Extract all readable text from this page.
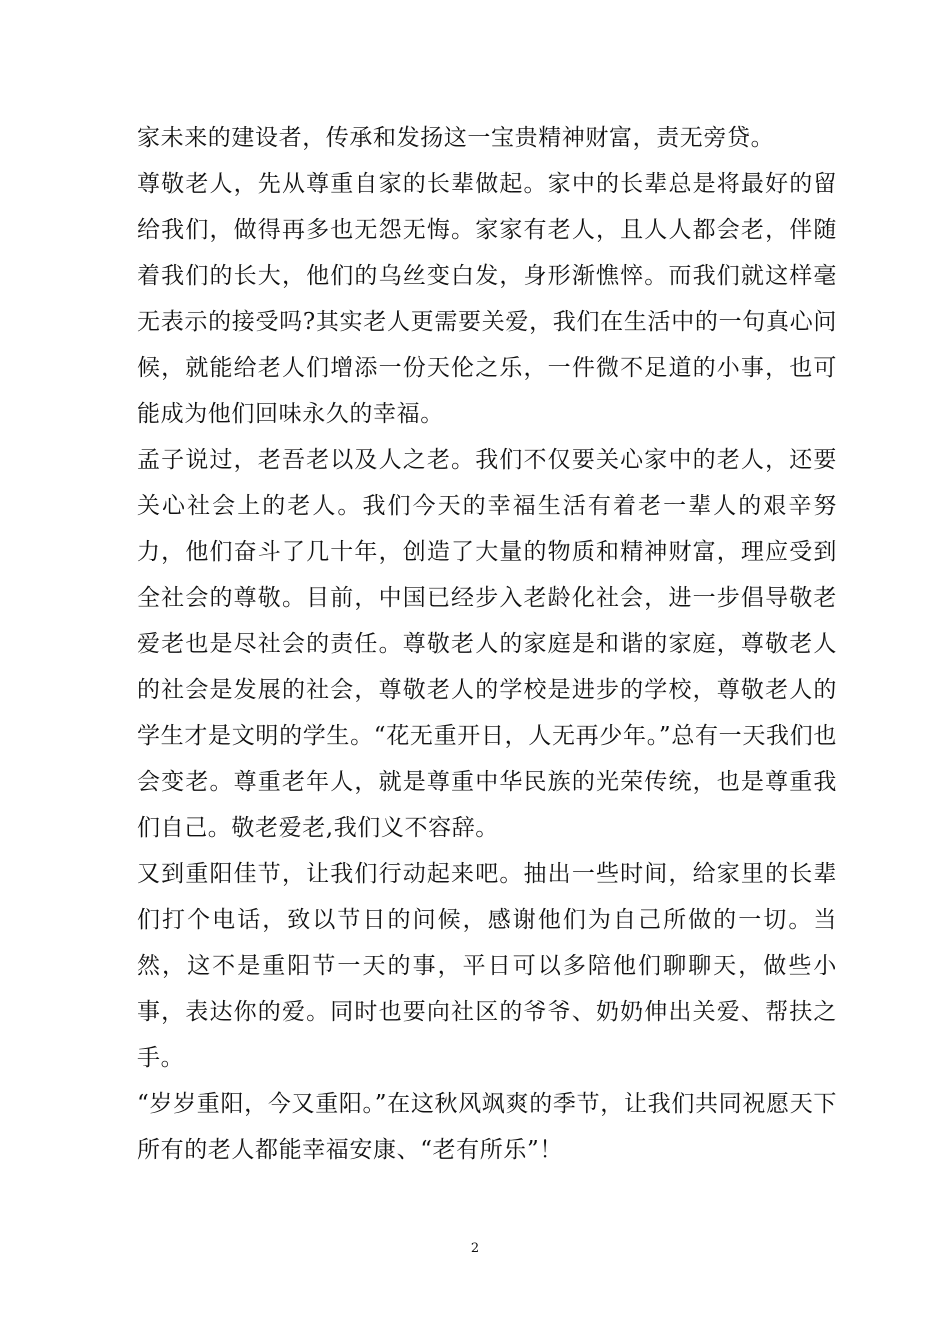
家未来的建设者，传承和发扬这一宝贵精神财富，责无旁贷。

尊敬老人，先从尊重自家的长辈做起。家中的长辈总是将最好的留给我们，做得再多也无怨无悔。家家有老人，且人人都会老，伴随着我们的长大，他们的乌丝变白发，身形渐憔悴。而我们就这样毫无表示的接受吗?其实老人更需要关爱，我们在生活中的一句真心问候，就能给老人们增添一份天伦之乐，一件微不足道的小事，也可能成为他们回味永久的幸福。

孟子说过，老吾老以及人之老。我们不仅要关心家中的老人，还要关心社会上的老人。我们今天的幸福生活有着老一辈人的艰辛努力，他们奋斗了几十年，创造了大量的物质和精神财富，理应受到全社会的尊敬。目前，中国已经步入老龄化社会，进一步倡导敬老爱老也是尽社会的责任。尊敬老人的家庭是和谐的家庭，尊敬老人的社会是发展的社会，尊敬老人的学校是进步的学校，尊敬老人的学生才是文明的学生。“花无重开日，人无再少年。”总有一天我们也会变老。尊重老年人，就是尊重中华民族的光荣传统，也是尊重我们自己。敬老爱老,我们义不容辞。

又到重阳佳节，让我们行动起来吧。抽出一些时间，给家里的长辈们打个电话，致以节日的问候，感谢他们为自己所做的一切。当然，这不是重阳节一天的事，平日可以多陪他们聊聊天，做些小事，表达你的爱。同时也要向社区的爷爷、奶奶伸出关爱、帮扶之手。

“岁岁重阳，今又重阳。”在这秋风飒爽的季节，让我们共同祝愿天下所有的老人都能幸福安康、“老有所乐”！

2
